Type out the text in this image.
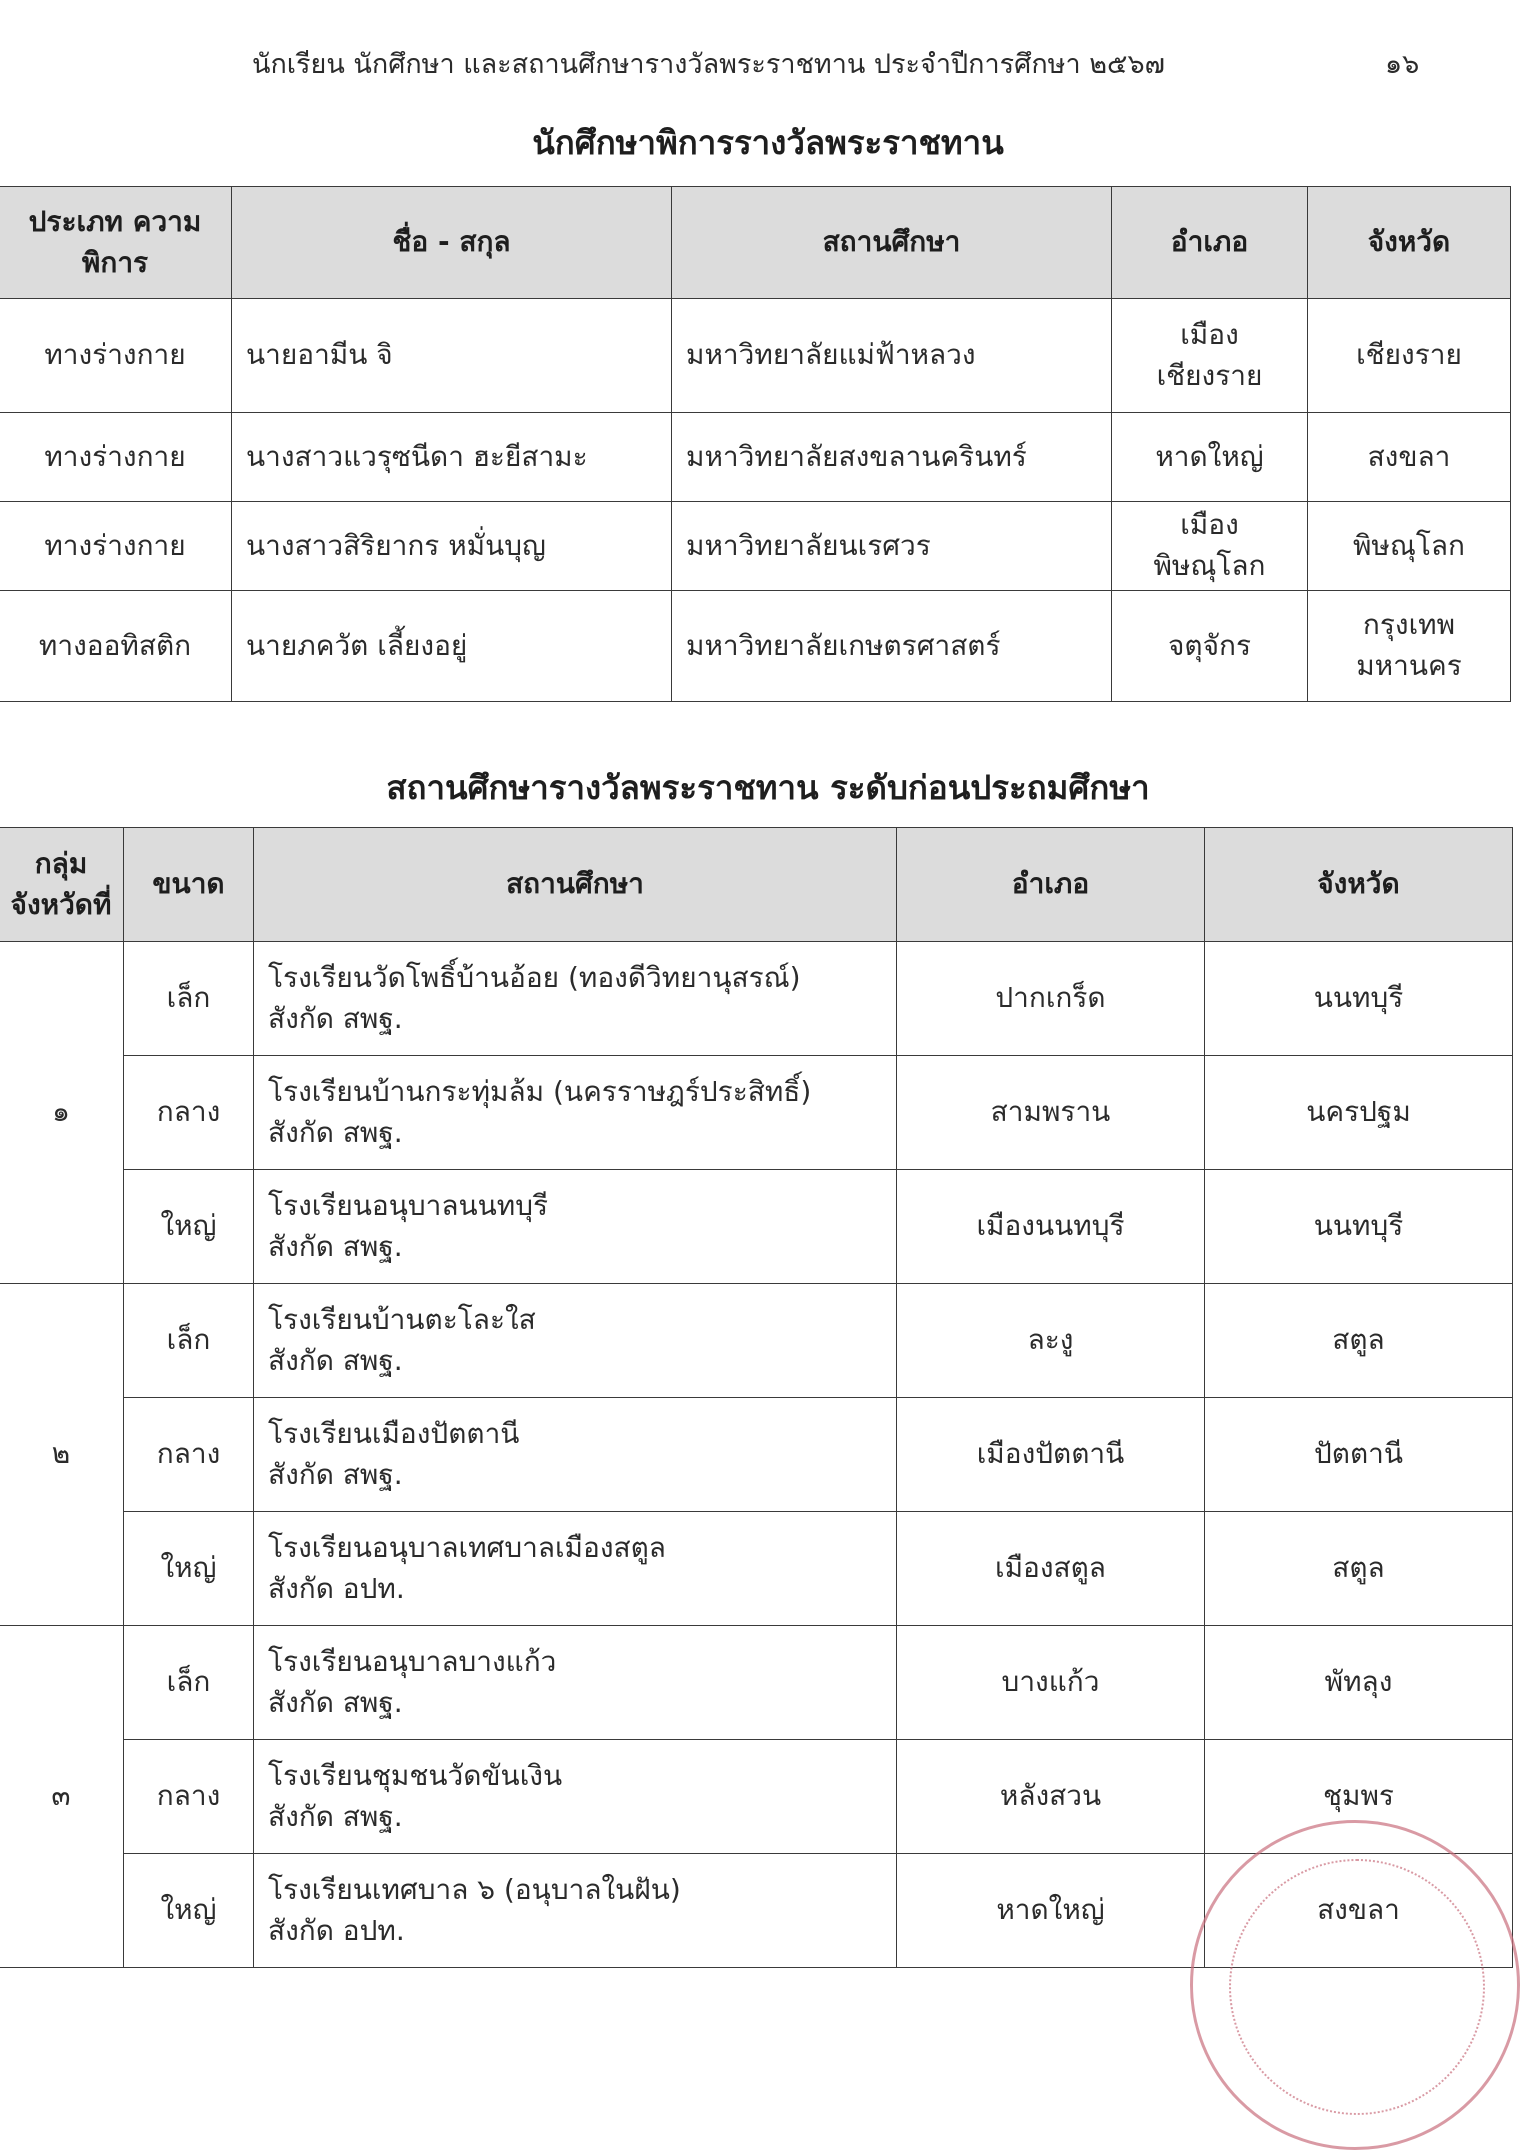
นักเรียน นักศึกษา และสถานศึกษารางวัลพระราชทาน ประจำปีการศึกษา ๒๕๖๗	๑๖
นักศึกษาพิการรางวัลพระราชทาน
ประเภท ความพิการ	ชื่อ - สกุล	สถานศึกษา	อำเภอ	จังหวัด
ทางร่างกาย	นายอามีน จิ	มหาวิทยาลัยแม่ฟ้าหลวง	เมือง เชียงราย	เชียงราย
ทางร่างกาย	นางสาวแวรุซนีดา ฮะยีสามะ	มหาวิทยาลัยสงขลานครินทร์	หาดใหญ่	สงขลา
ทางร่างกาย	นางสาวสิริยากร หมั่นบุญ	มหาวิทยาลัยนเรศวร	เมืองพิษณุโลก	พิษณุโลก
ทางออทิสติก	นายภควัต เลี้ยงอยู่	มหาวิทยาลัยเกษตรศาสตร์	จตุจักร	กรุงเทพ มหานคร
สถานศึกษารางวัลพระราชทาน ระดับก่อนประถมศึกษา
กลุ่ม จังหวัดที่	ขนาด	สถานศึกษา	อำเภอ	จังหวัด
๑	เล็ก	โรงเรียนวัดโพธิ์บ้านอ้อย (ทองดีวิทยานุสรณ์)
สังกัด สพฐ.	ปากเกร็ด	นนทบุรี
	กลาง	โรงเรียนบ้านกระทุ่มล้ม (นครราษฎร์ประสิทธิ์)
สังกัด สพฐ.	สามพราน	นครปฐม
	ใหญ่	โรงเรียนอนุบาลนนทบุรี
สังกัด สพฐ.	เมืองนนทบุรี	นนทบุรี
๒	เล็ก	โรงเรียนบ้านตะโละใส
สังกัด สพฐ.	ละงู	สตูล
	กลาง	โรงเรียนเมืองปัตตานี
สังกัด สพฐ.	เมืองปัตตานี	ปัตตานี
	ใหญ่	โรงเรียนอนุบาลเทศบาลเมืองสตูล
สังกัด อปท.	เมืองสตูล	สตูล
๓	เล็ก	โรงเรียนอนุบาลบางแก้ว
สังกัด สพฐ.	บางแก้ว	พัทลุง
	กลาง	โรงเรียนชุมชนวัดขันเงิน
สังกัด สพฐ.	หลังสวน	ชุมพร
	ใหญ่	โรงเรียนเทศบาล ๖ (อนุบาลในฝัน)
สังกัด อปท.	หาดใหญ่	สงขลา
